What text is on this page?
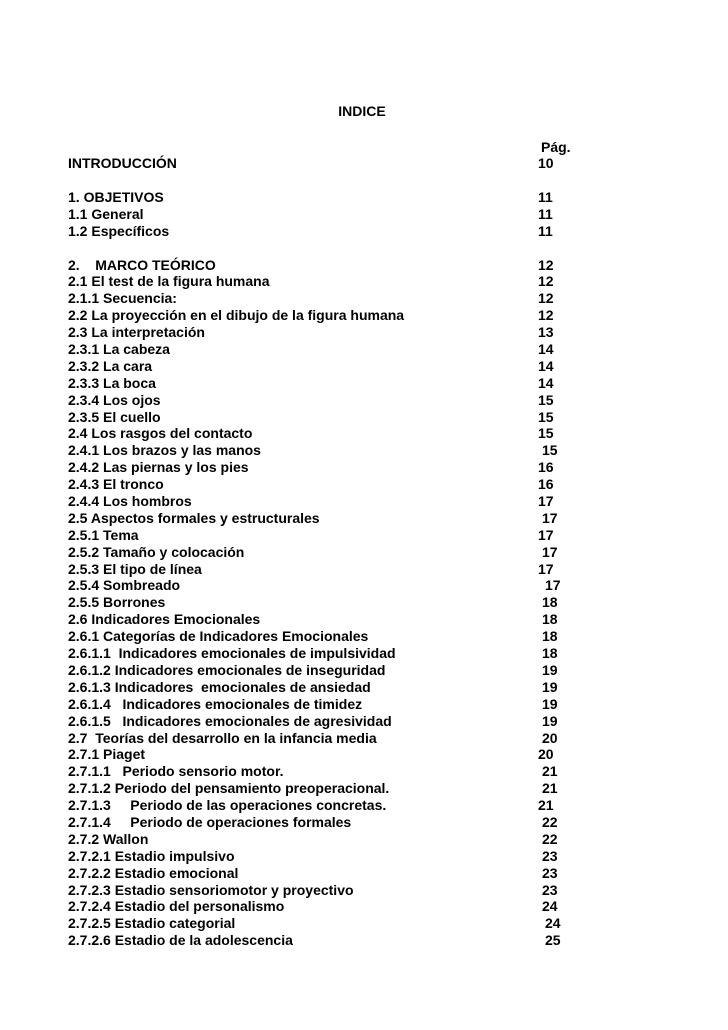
INDICE
Pág.
INTRODUCCIÓN	10
1. OBJETIVOS	11
1.1 General	11
1.2 Específicos	11
2.    MARCO TEÓRICO	12
2.1 El test de la figura humana	12
2.1.1 Secuencia:	12
2.2 La proyección en el dibujo de la figura humana	12
2.3 La interpretación	13
2.3.1 La cabeza	14
2.3.2 La cara	14
2.3.3 La boca	14
2.3.4 Los ojos	15
2.3.5 El cuello	15
2.4 Los rasgos del contacto	15
2.4.1 Los brazos y las manos	15
2.4.2 Las piernas y los pies	16
2.4.3 El tronco	16
2.4.4 Los hombros	17
2.5 Aspectos formales y estructurales	17
2.5.1 Tema	17
2.5.2 Tamaño y colocación	17
2.5.3 El tipo de línea	17
2.5.4 Sombreado	17
2.5.5 Borrones	18
2.6 Indicadores Emocionales	18
2.6.1 Categorías de Indicadores Emocionales	18
2.6.1.1  Indicadores emocionales de impulsividad	18
2.6.1.2 Indicadores emocionales de inseguridad	19
2.6.1.3 Indicadores  emocionales de ansiedad	19
2.6.1.4   Indicadores emocionales de timidez	19
2.6.1.5   Indicadores emocionales de agresividad	19
2.7  Teorías del desarrollo en la infancia media	20
2.7.1 Piaget	20
2.7.1.1   Periodo sensorio motor.	21
2.7.1.2 Periodo del pensamiento preoperacional.	21
2.7.1.3     Periodo de las operaciones concretas.	21
2.7.1.4     Periodo de operaciones formales	22
2.7.2 Wallon	22
2.7.2.1 Estadio impulsivo	23
2.7.2.2 Estadio emocional	23
2.7.2.3 Estadio sensoriomotor y proyectivo	23
2.7.2.4 Estadio del personalismo	24
2.7.2.5 Estadio categorial	24
2.7.2.6 Estadio de la adolescencia	25
